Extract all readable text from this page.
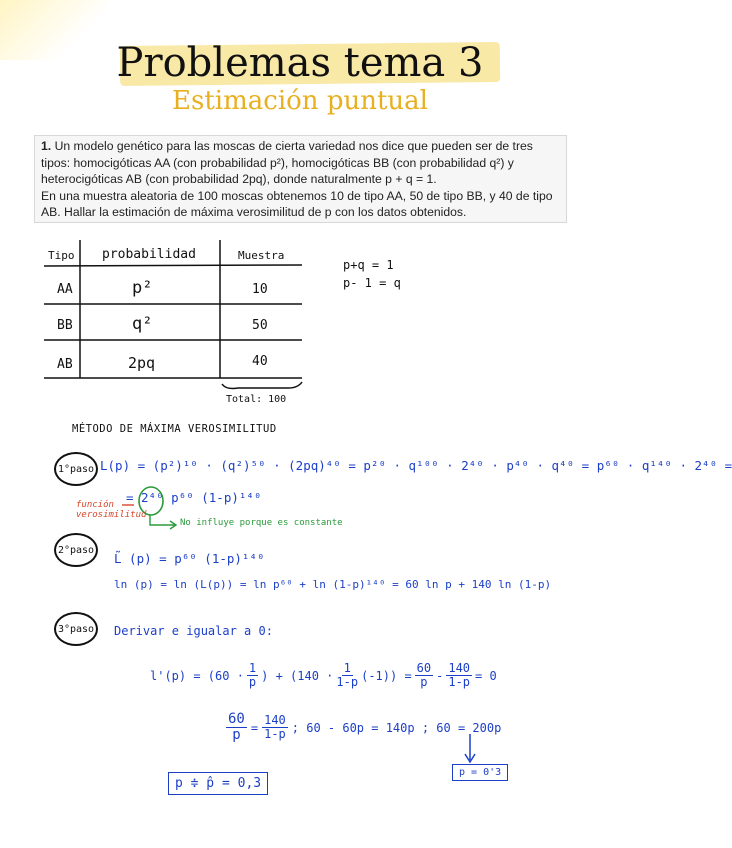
Problemas tema 3
Estimación puntual
1. Un modelo genético para las moscas de cierta variedad nos dice que pueden ser de tres
tipos: homocigóticas AA (con probabilidad p²), homocigóticas BB (con probabilidad q²) y
heterocigóticas AB (con probabilidad 2pq), donde naturalmente p + q = 1.
En una muestra aleatoria de 100 moscas obtenemos 10 de tipo AA, 50 de tipo BB, y 40 de tipo
AB. Hallar la estimación de máxima verosimilitud de p con los datos obtenidos.
Tipo probabilidad	Muestra
AA	p²	10
BB	q²	50
AB	2pq	40
Total: 100
p+q = 1
p- 1 = q
MÉTODO DE MÁXIMA VEROSIMILITUD
1°paso L(p) = (p²)¹⁰ · (q²)⁵⁰ · (2pq)⁴⁰ = p²⁰ · q¹⁰⁰ · 2⁴⁰ · p⁴⁰ · q⁴⁰ = p⁶⁰ · q¹⁴⁰ · 2⁴⁰ =
= 2⁴⁰ p⁶⁰ (1-p)¹⁴⁰
función verosimilitud
No influye porque es constante
2°paso
L̃ (p) = p⁶⁰ (1-p)¹⁴⁰
ln (p) = ln (L(p)) = ln p⁶⁰ + ln (1-p)¹⁴⁰ = 60 ln p + 140 ln (1-p)
3°paso Derivar e igualar a 0:
$l'(p) = (60 \cdot \frac{1}{p}$ ) + $(140 \cdot \frac{1}{1-p} (-1)) = \frac{60}{p} - \frac{140}{1-p} = 0$
$\frac{60}{p} = \frac{140}{1-p}$ ; 60 - 60p = 140p ; 60 = 200p
p = 0'3
p ≑ p̂ = 0,3
